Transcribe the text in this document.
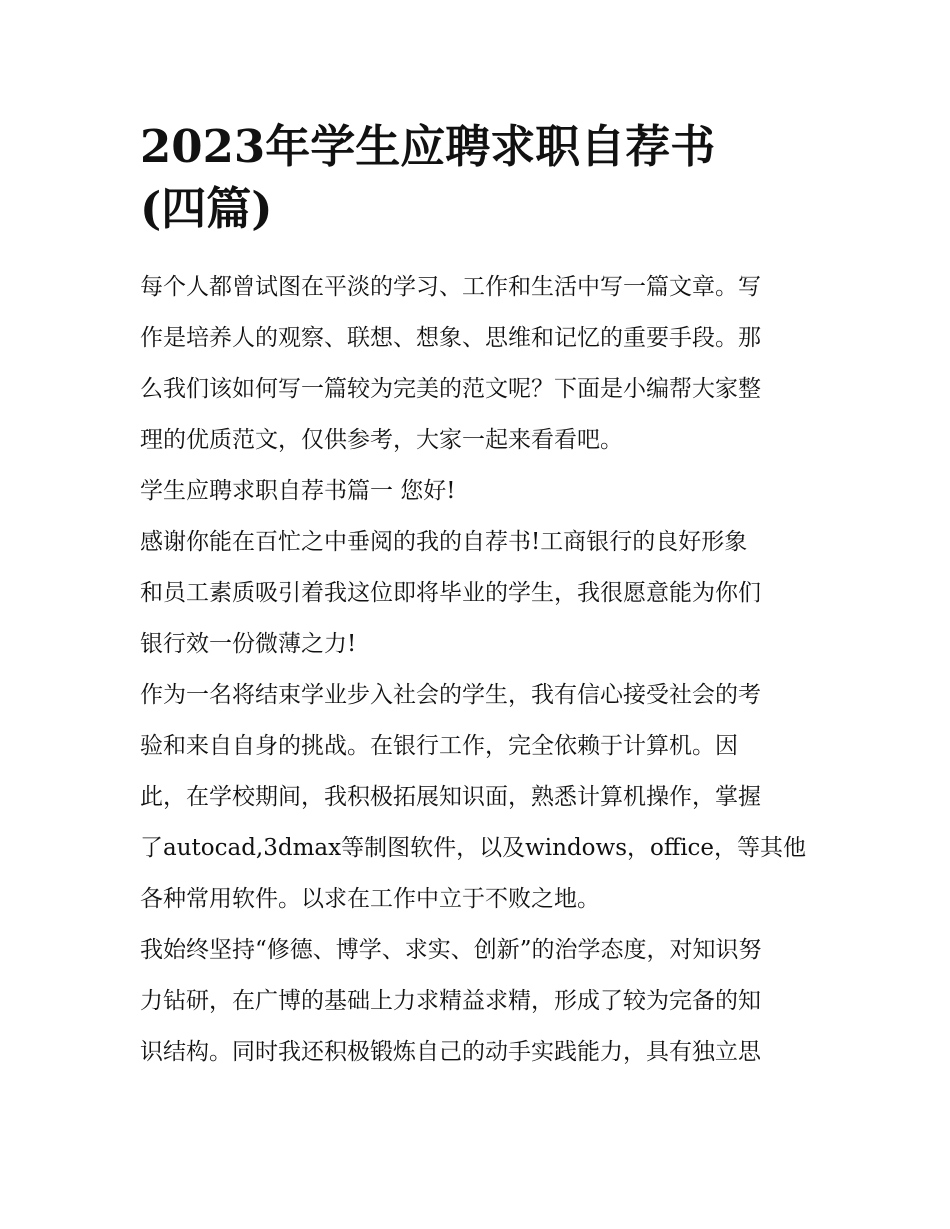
2023年学生应聘求职自荐书
(四篇)
每个人都曾试图在平淡的学习、工作和生活中写一篇文章。写
作是培养人的观察、联想、想象、思维和记忆的重要手段。那
么我们该如何写一篇较为完美的范文呢？下面是小编帮大家整
理的优质范文，仅供参考，大家一起来看看吧。
学生应聘求职自荐书篇一 您好!
感谢你能在百忙之中垂阅的我的自荐书!工商银行的良好形象
和员工素质吸引着我这位即将毕业的学生，我很愿意能为你们
银行效一份微薄之力!
作为一名将结束学业步入社会的学生，我有信心接受社会的考
验和来自自身的挑战。在银行工作，完全依赖于计算机。因
此，在学校期间，我积极拓展知识面，熟悉计算机操作，掌握
了autocad,3dmax等制图软件，以及windows，office，等其他
各种常用软件。以求在工作中立于不败之地。
我始终坚持“修德、博学、求实、创新”的治学态度，对知识努
力钻研，在广博的基础上力求精益求精，形成了较为完备的知
识结构。同时我还积极锻炼自己的动手实践能力，具有独立思
